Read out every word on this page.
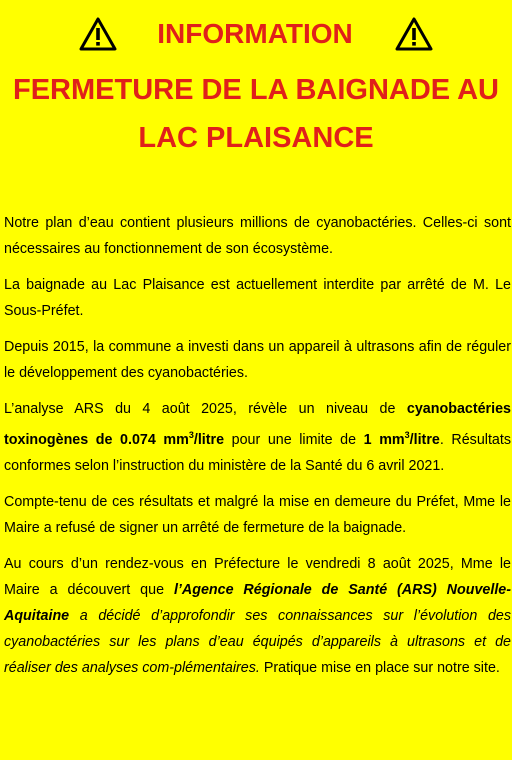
INFORMATION
FERMETURE DE LA BAIGNADE AU
LAC PLAISANCE

Notre plan d’eau contient plusieurs millions de cyanobactéries. Celles-ci sont nécessaires au fonctionnement de son écosystème.

La baignade au Lac Plaisance est actuellement interdite par arrêté de M. Le Sous-Préfet.

Depuis 2015, la commune a investi dans un appareil à ultrasons afin de réguler le développement des cyanobactéries.

L’analyse ARS du 4 août 2025, révèle un niveau de cyanobactéries toxinogènes de 0.074 $mm^3$/litre pour une limite de 1 $mm^3$/litre. Résultats conformes selon l’instruction du ministère de la Santé du 6 avril 2021.

Compte-tenu de ces résultats et malgré la mise en demeure du Préfet, Mme le Maire a refusé de signer un arrêté de fermeture de la baignade.

Au cours d’un rendez-vous en Préfecture le vendredi 8 août 2025, Mme le Maire a découvert que l’Agence Régionale de Santé (ARS) Nouvelle-Aquitaine a décidé d’approfondir ses connaissances sur l’évolution des cyanobactéries sur les plans d’eau équipés d’appareils à ultrasons et de réaliser des analyses com-plémentaires. Pratique mise en place sur notre site.
